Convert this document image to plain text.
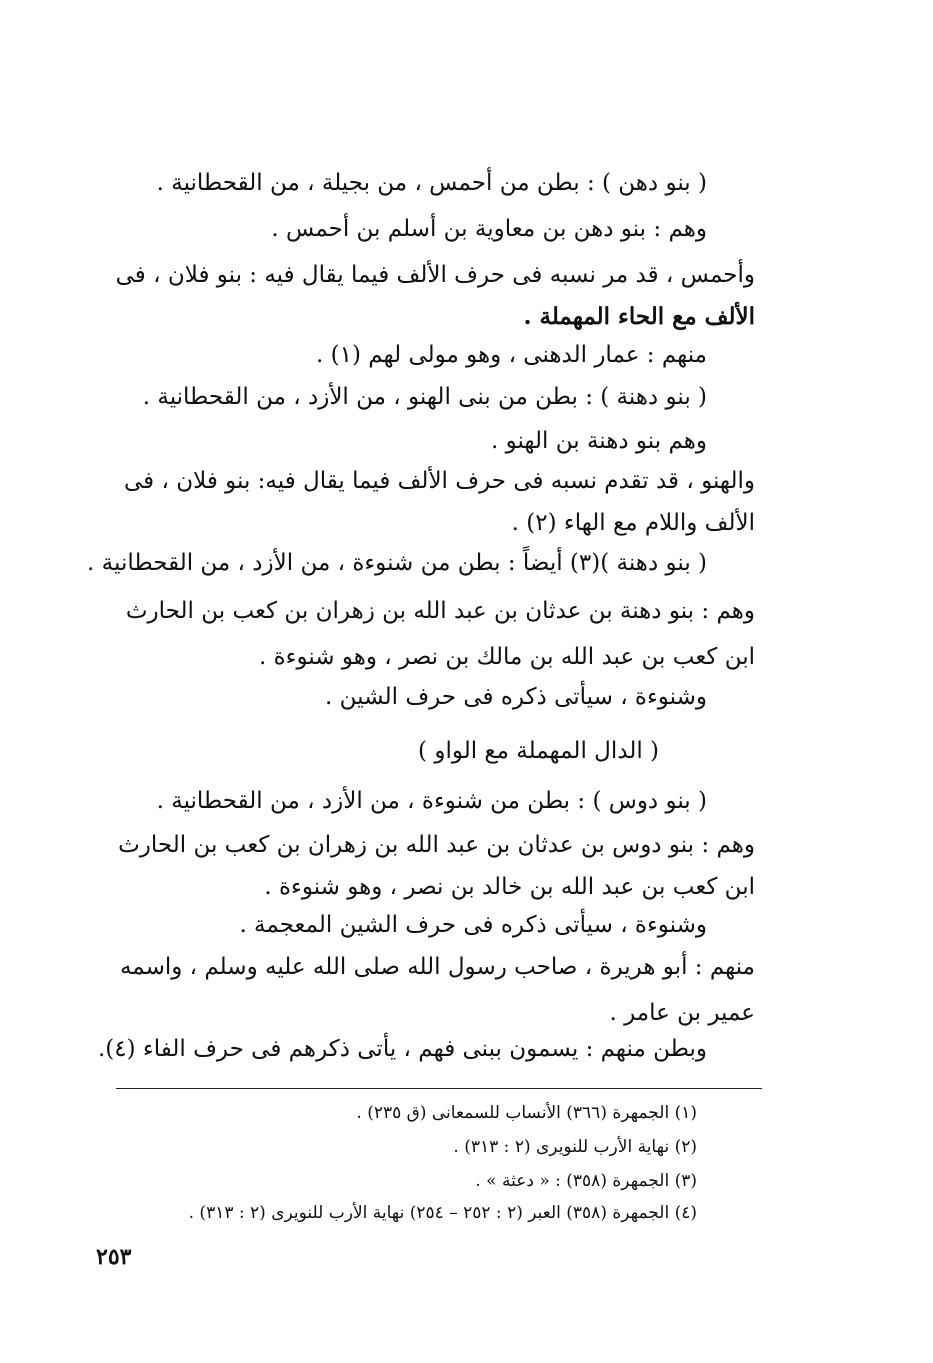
( بنو دهن ) : بطن من أحمس ، من بجيلة ، من القحطانية .
وهم : بنو دهن بن معاوية بن أسلم بن أحمس .
وأحمس ، قد مر نسبه فى حرف الألف فيما يقال فيه : بنو فلان ، فى
الألف مع الحاء المهملة .
منهم : عمار الدهنى ، وهو مولى لهم (١) .
( بنو دهنة ) : بطن من بنى الهنو ، من الأزد ، من القحطانية .
وهم بنو دهنة بن الهنو .
والهنو ، قد تقدم نسبه فى حرف الألف فيما يقال فيه: بنو فلان ، فى
الألف واللام مع الهاء (٢) .
( بنو دهنة )(٣) أيضاً : بطن من شنوءة ، من الأزد ، من القحطانية .
وهم : بنو دهنة بن عدثان بن عبد الله بن زهران بن كعب بن الحارث
ابن كعب بن عبد الله بن مالك بن نصر ، وهو شنوءة .
وشنوءة ، سيأتى ذكره فى حرف الشين .
( الدال المهملة مع الواو )
( بنو دوس ) : بطن من شنوءة ، من الأزد ، من القحطانية .
وهم : بنو دوس بن عدثان بن عبد الله بن زهران بن كعب بن الحارث
ابن كعب بن عبد الله بن خالد بن نصر ، وهو شنوءة .
وشنوءة ، سيأتى ذكره فى حرف الشين المعجمة .
منهم : أبو هريرة ، صاحب رسول الله صلى الله عليه وسلم ، واسمه
عمير بن عامر .
وبطن منهم : يسمون ببنى فهم ، يأتى ذكرهم فى حرف الفاء (٤).
(١) الجمهرة (٣٦٦) الأنساب للسمعانى (ق ٢٣٥) .
(٢) نهاية الأرب للنويرى (٢ : ٣١٣) .
(٣) الجمهرة (٣٥٨) : « دعثة » .
(٤) الجمهرة (٣٥٨) العبر (٢ : ٢٥٢ – ٢٥٤) نهاية الأرب للنويرى (٢ : ٣١٣) .
٢٥٣
